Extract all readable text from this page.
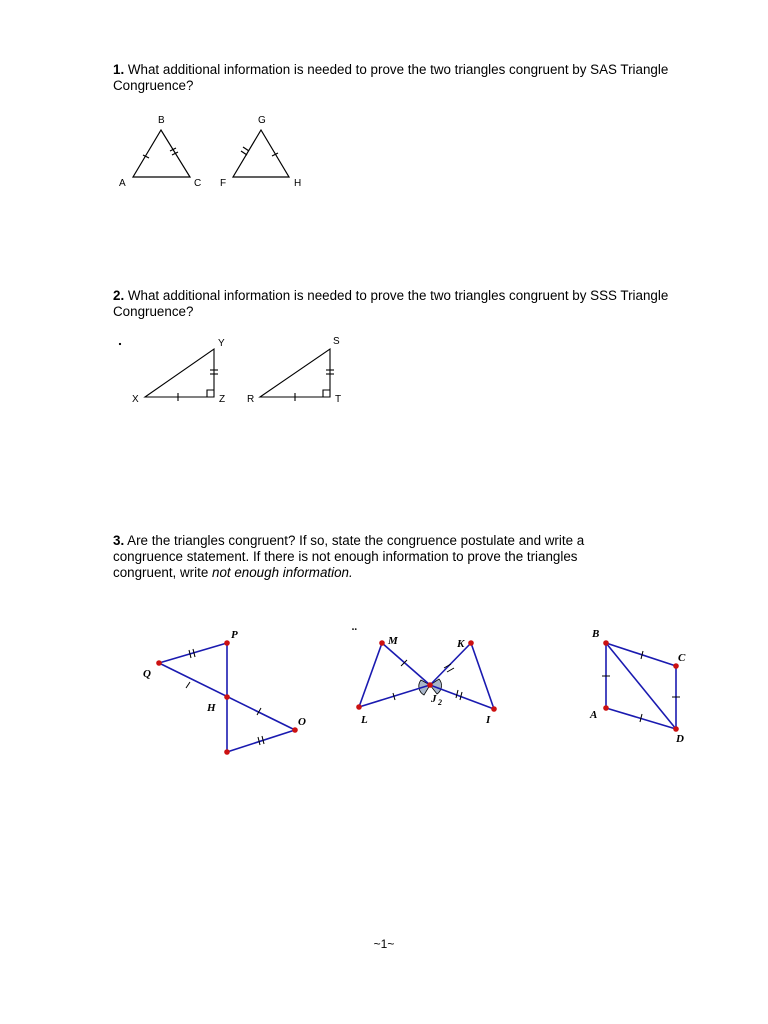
1. What additional information is needed to prove the two triangles congruent by SAS Triangle Congruence?

2. What additional information is needed to prove the two triangles congruent by SSS Triangle Congruence?

3. Are the triangles congruent? If so, state the congruence postulate and write a congruence statement. If there is not enough information to prove the triangles congruent, write not enough information.

B
A	C
G
F	H
Y
X	Z
S
R	T
P
Q
H
O
..
M	K
J 2
L	I
B
C
A
D
~1~
